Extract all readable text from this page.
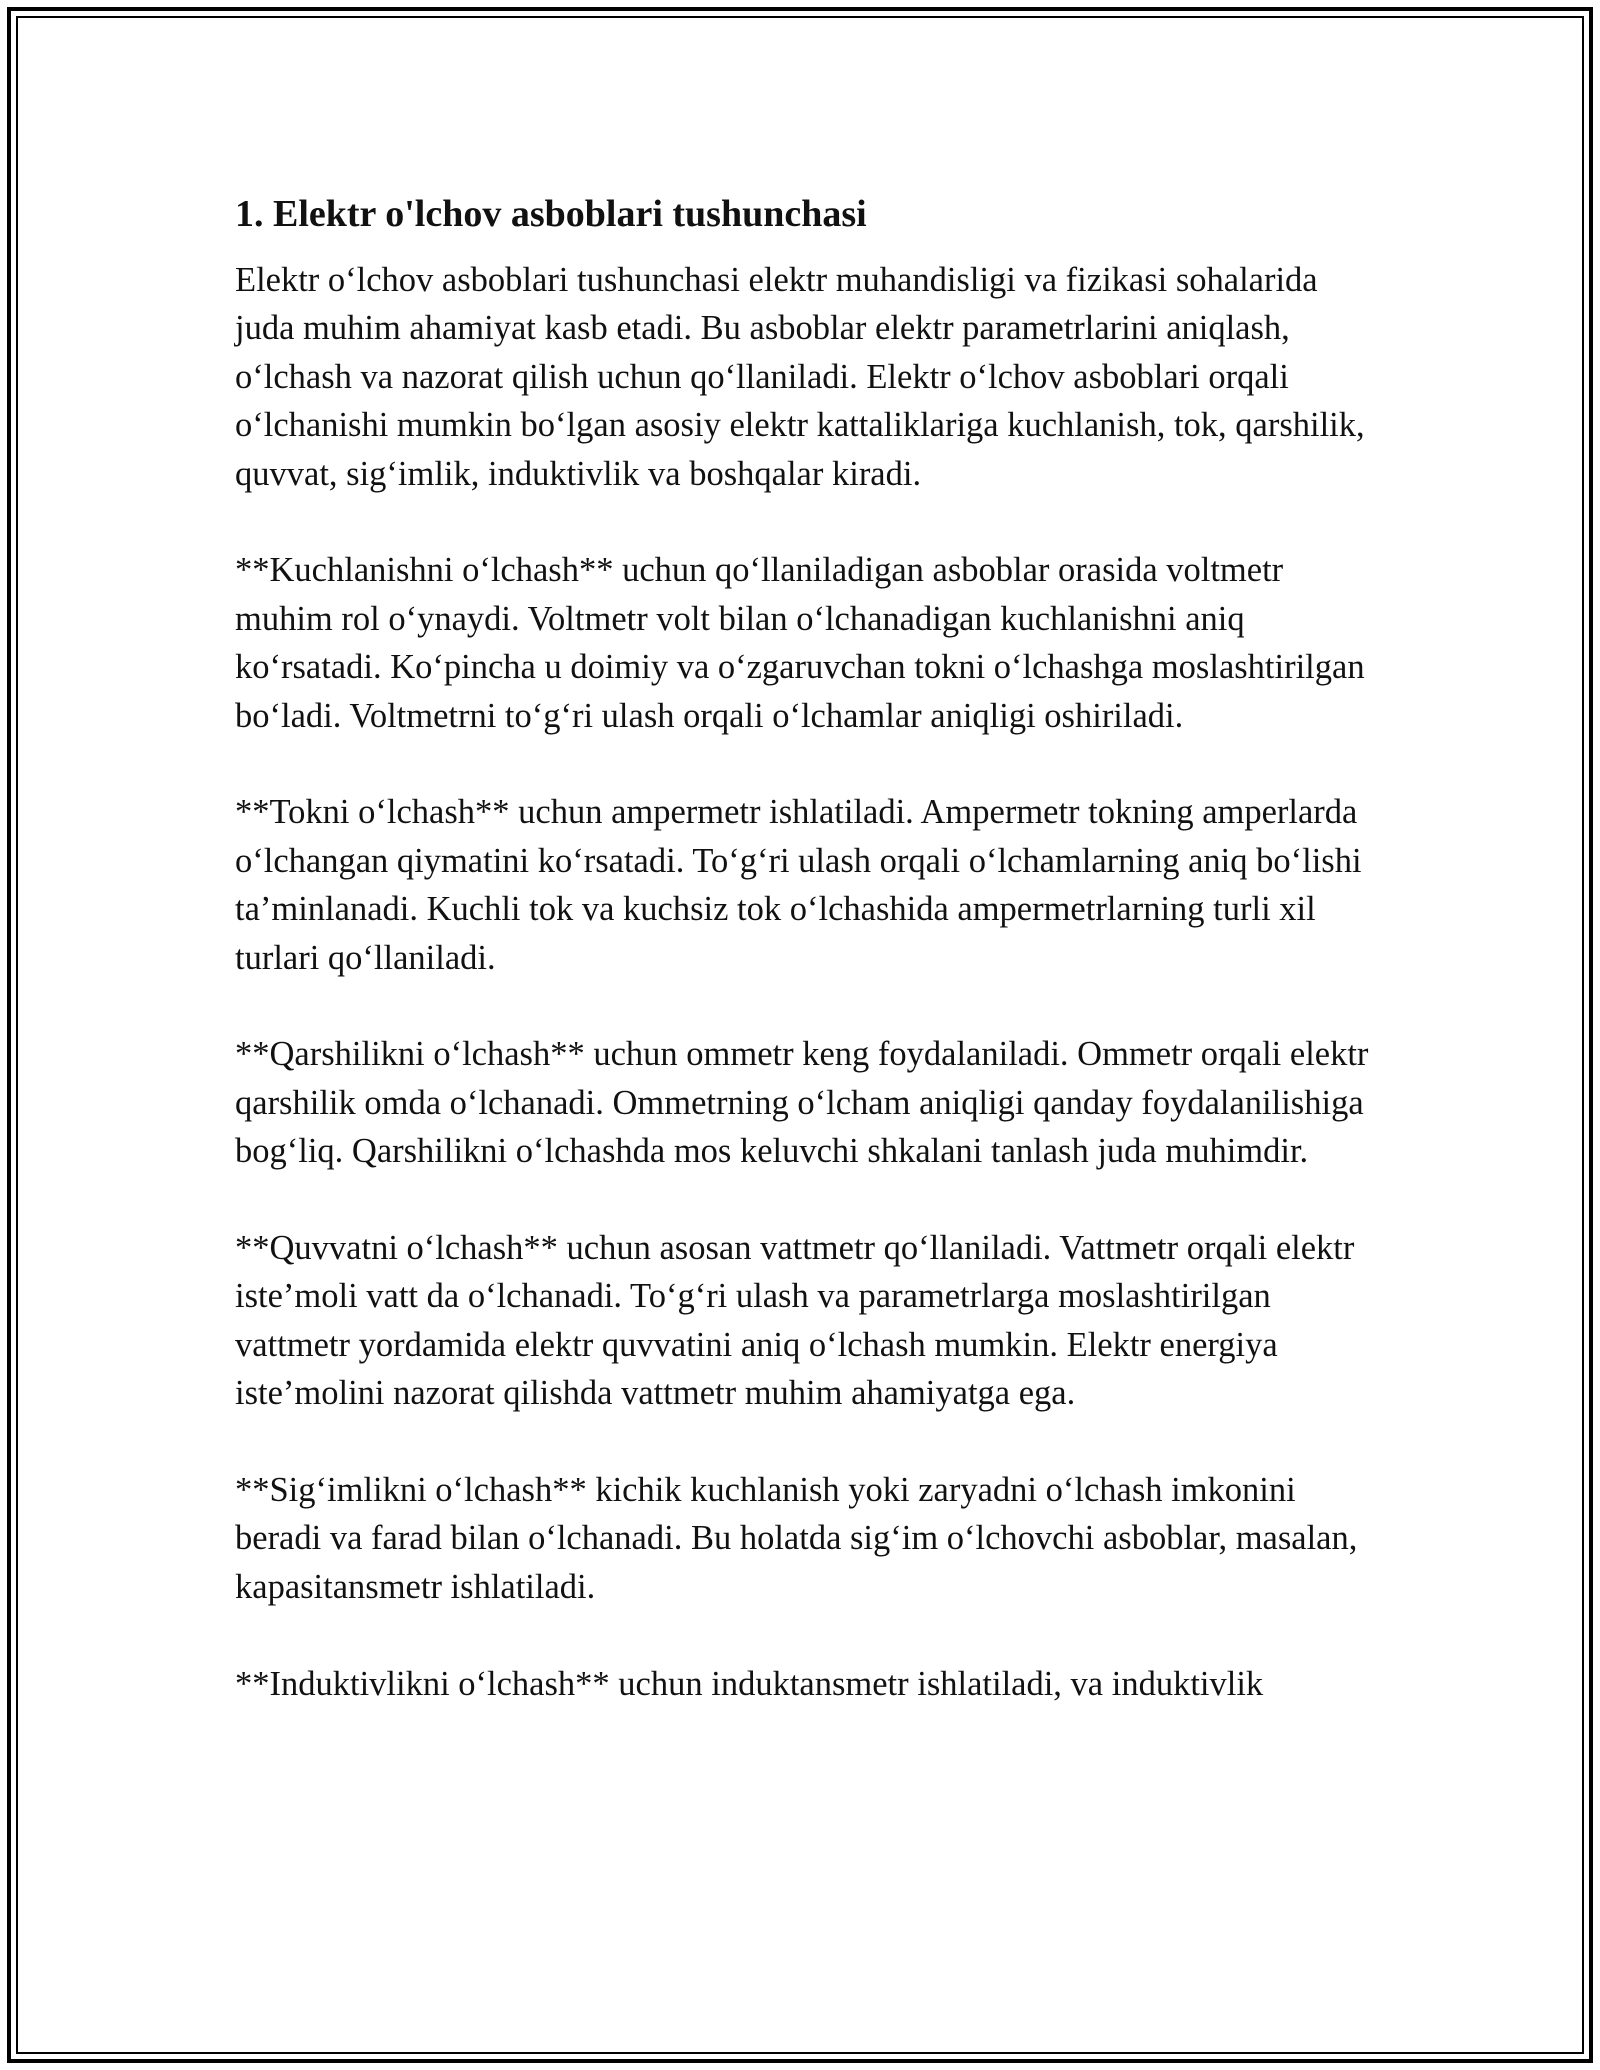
1. Elektr o'lchov asboblari tushunchasi

Elektr o‘lchov asboblari tushunchasi elektr muhandisligi va fizikasi sohalarida juda muhim ahamiyat kasb etadi. Bu asboblar elektr parametrlarini aniqlash, o‘lchash va nazorat qilish uchun qo‘llaniladi. Elektr o‘lchov asboblari orqali o‘lchanishi mumkin bo‘lgan asosiy elektr kattaliklariga kuchlanish, tok, qarshilik, quvvat, sig‘imlik, induktivlik va boshqalar kiradi.

**Kuchlanishni o‘lchash** uchun qo‘llaniladigan asboblar orasida voltmetr muhim rol o‘ynaydi. Voltmetr volt bilan o‘lchanadigan kuchlanishni aniq ko‘rsatadi. Ko‘pincha u doimiy va o‘zgaruvchan tokni o‘lchashga moslashtirilgan bo‘ladi. Voltmetrni to‘g‘ri ulash orqali o‘lchamlar aniqligi oshiriladi.

**Tokni o‘lchash** uchun ampermetr ishlatiladi. Ampermetr tokning amperlarda o‘lchangan qiymatini ko‘rsatadi. To‘g‘ri ulash orqali o‘lchamlarning aniq bo‘lishi ta’minlanadi. Kuchli tok va kuchsiz tok o‘lchashida ampermetrlarning turli xil turlari qo‘llaniladi.

**Qarshilikni o‘lchash** uchun ommetr keng foydalaniladi. Ommetr orqali elektr qarshilik omda o‘lchanadi. Ommetrning o‘lcham aniqligi qanday foydalanilishiga bog‘liq. Qarshilikni o‘lchashda mos keluvchi shkalani tanlash juda muhimdir.

**Quvvatni o‘lchash** uchun asosan vattmetr qo‘llaniladi. Vattmetr orqali elektr iste’moli vatt da o‘lchanadi. To‘g‘ri ulash va parametrlarga moslashtirilgan vattmetr yordamida elektr quvvatini aniq o‘lchash mumkin. Elektr energiya iste’molini nazorat qilishda vattmetr muhim ahamiyatga ega.

**Sig‘imlikni o‘lchash** kichik kuchlanish yoki zaryadni o‘lchash imkonini beradi va farad bilan o‘lchanadi. Bu holatda sig‘im o‘lchovchi asboblar, masalan, kapasitansmetr ishlatiladi.

**Induktivlikni o‘lchash** uchun induktansmetr ishlatiladi, va induktivlik
